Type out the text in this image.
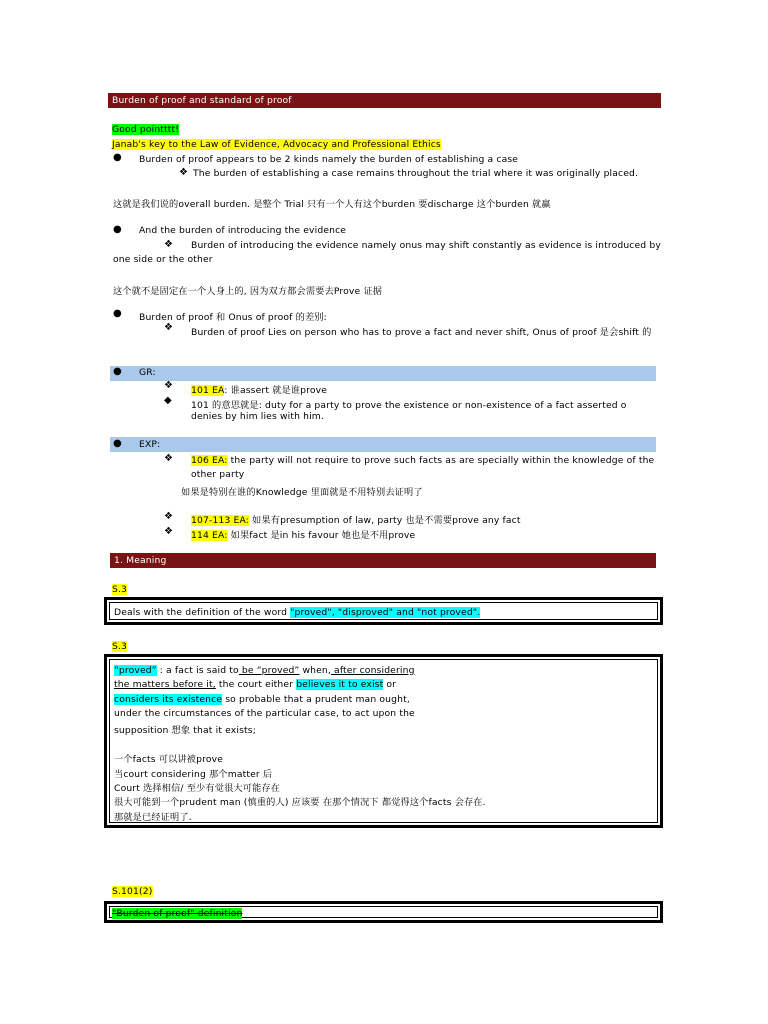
Burden of proof and standard of proof
Good pointttt!
Janab's key to the Law of Evidence, Advocacy and Professional Ethics
● Burden of proof appears to be 2 kinds namely the burden of establishing a case
❖ The burden of establishing a case remains throughout the trial where it was originally placed.
这就是我们说的overall burden. 是整个 Trial 只有一个人有这个burden 要discharge 这个burden 就赢
● And the burden of introducing the evidence
❖ Burden of introducing the evidence namely onus may shift constantly as evidence is introduced by
one side or the other
这个就不是固定在一个人身上的, 因为双方都会需要去Prove 证据
● Burden of proof 和 Onus of proof 的差别:
❖ Burden of proof Lies on person who has to prove a fact and never shift, Onus of proof 是会shift 的
● GR:
❖ 101 EA: 谁assert 就是谁prove
◆ 101 的意思就是: duty for a party to prove the existence or non-existence of a fact asserted o
denies by him lies with him.
● EXP:
❖ 106 EA: the party will not require to prove such facts as are specially within the knowledge of the
other party
如果是特别在谁的Knowledge 里面就是不用特别去证明了
❖ 107-113 EA: 如果有presumption of law, party 也是不需要prove any fact
❖ 114 EA: 如果fact 是in his favour 她也是不用prove
1. Meaning
S.3
Deals with the definition of the word "proved", "disproved" and "not proved".
S.3
“proved” : a fact is said to be “proved” when, after considering
the matters before it, the court either believes it to exist or
considers its existence so probable that a prudent man ought,
under the circumstances of the particular case, to act upon the
supposition 想象 that it exists;
一个facts 可以讲被prove
当court considering 那个matter 后
Court 选择相信/ 至少有觉很大可能存在
很大可能到一个prudent man (慎重的人) 应该要 在那个情况下 都觉得这个facts 会存在.
那就是已经证明了.
S.101(2)
"Burden of proof" definition
